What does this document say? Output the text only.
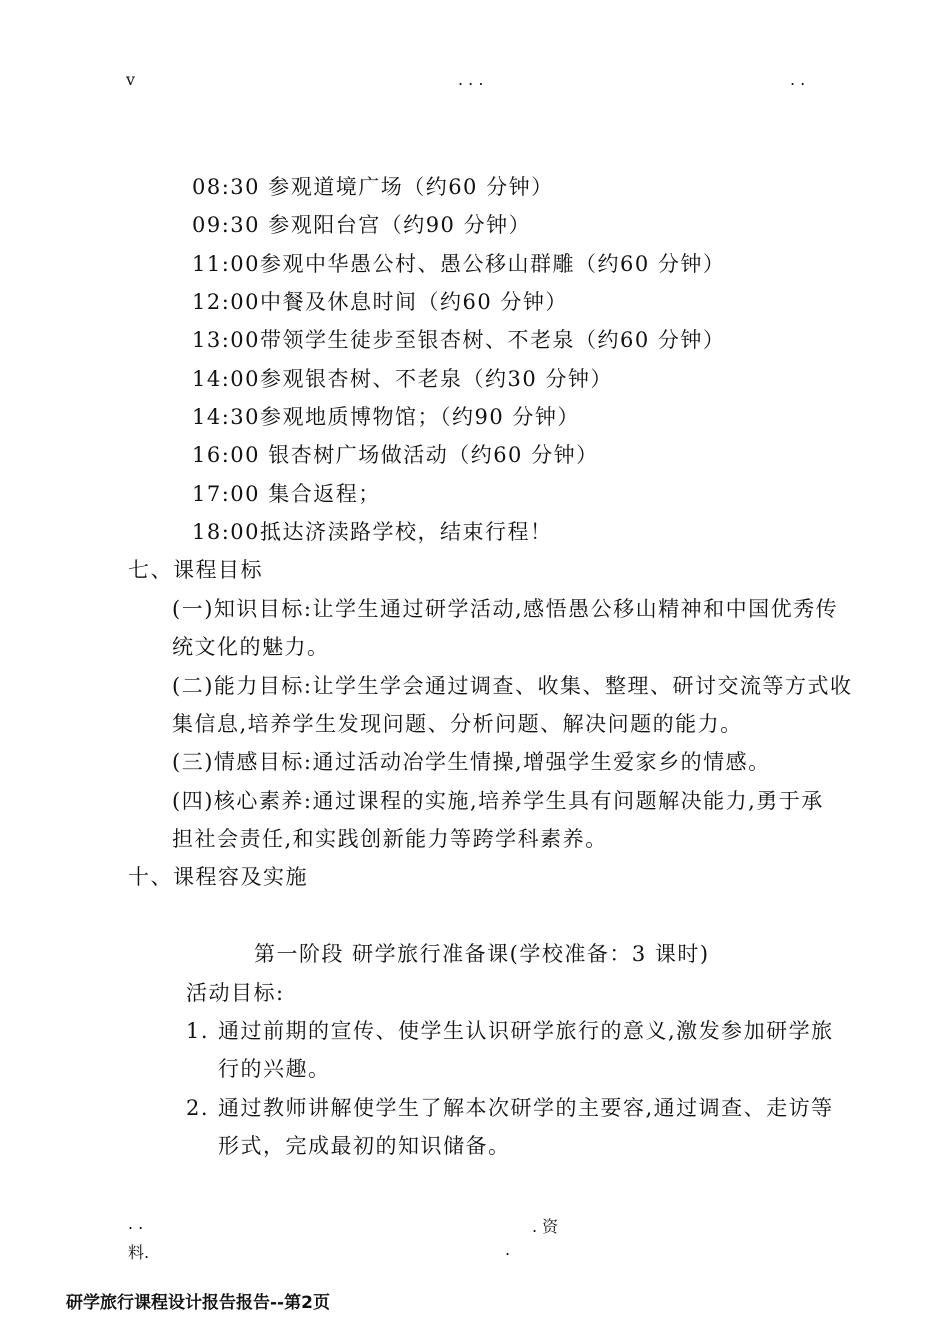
v	. . .	. .
08:30 参观道境广场（约60 分钟）
09:30 参观阳台宫（约90 分钟）
11:00参观中华愚公村、愚公移山群雕（约60 分钟）
12:00中餐及休息时间（约60 分钟）
13:00带领学生徒步至银杏树、不老泉（约60 分钟）
14:00参观银杏树、不老泉（约30 分钟）
14:30参观地质博物馆；（约90 分钟）
16:00 银杏树广场做活动（约60 分钟）
17:00 集合返程；
18:00抵达济渎路学校，结束行程！
七、课程目标
(一)知识目标:让学生通过研学活动,感悟愚公移山精神和中国优秀传
统文化的魅力。
(二)能力目标:让学生学会通过调查、收集、整理、研讨交流等方式收
集信息,培养学生发现问题、分析问题、解决问题的能力。
(三)情感目标:通过活动冶学生情操,增强学生爱家乡的情感。
(四)核心素养:通过课程的实施,培养学生具有问题解决能力,勇于承
担社会责任,和实践创新能力等跨学科素养。
十、课程容及实施
第一阶段 研学旅行准备课(学校准备：3 课时)
活动目标:
1. 通过前期的宣传、使学生认识研学旅行的意义,激发参加研学旅
行的兴趣。
2. 通过教师讲解使学生了解本次研学的主要容,通过调查、走访等
形式，完成最初的知识储备。
. .	. 资
料.	.
研学旅行课程设计报告报告--第2页
